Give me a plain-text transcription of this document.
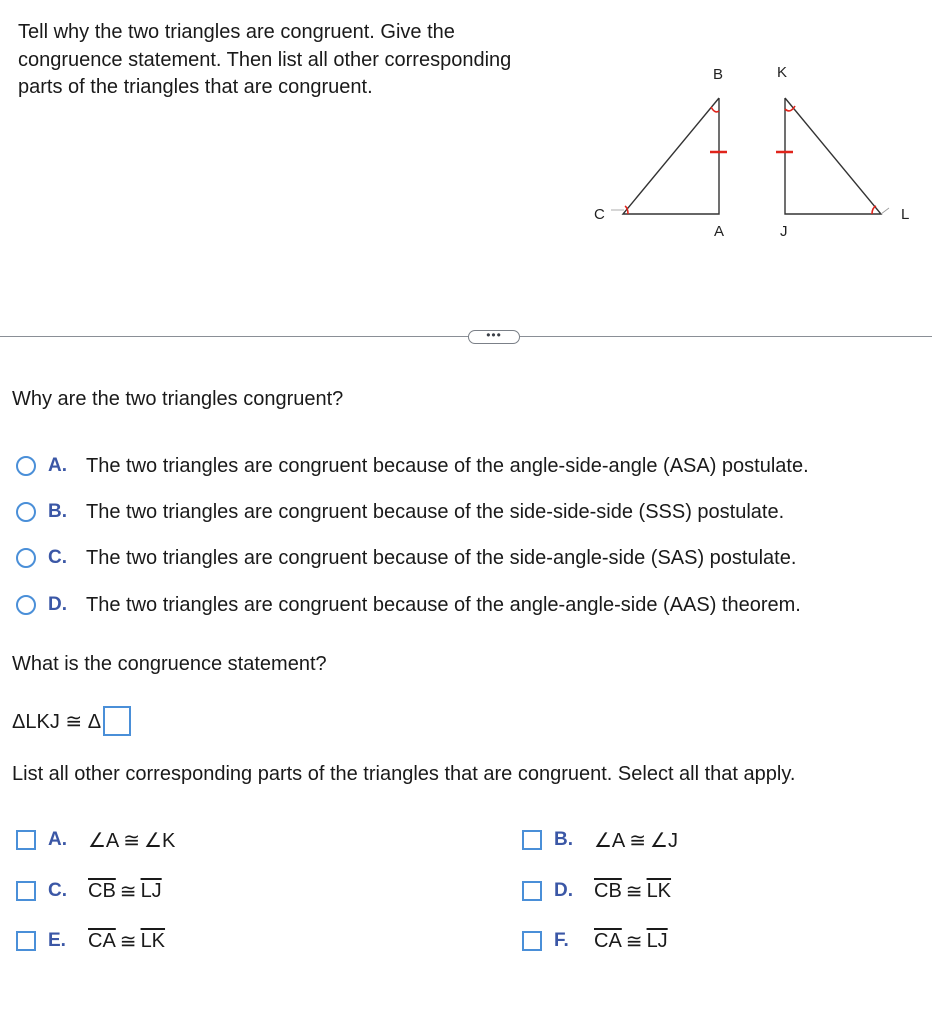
Tell why the two triangles are congruent. Give the congruence statement. Then list all other corresponding parts of the triangles that are congruent.

B
C
A
K
J
L
•••

Why are the two triangles congruent?

A. The two triangles are congruent because of the angle-side-angle (ASA) postulate.
B. The two triangles are congruent because of the side-side-side (SSS) postulate.
C. The two triangles are congruent because of the side-angle-side (SAS) postulate.
D. The two triangles are congruent because of the angle-angle-side (AAS) theorem.

What is the congruence statement?

ΔLKJ ≅ Δ

List all other corresponding parts of the triangles that are congruent. Select all that apply.

A.	∠A ≅ ∠K	B.	∠A ≅ ∠J
C.	$\overline{CB}$ ≅ $\overline{LJ}$	D.	$\overline{CB}$ ≅ $\overline{LK}$
E.	$\overline{CA}$ ≅ $\overline{LK}$	F.	$\overline{CA}$ ≅ $\overline{LJ}$
